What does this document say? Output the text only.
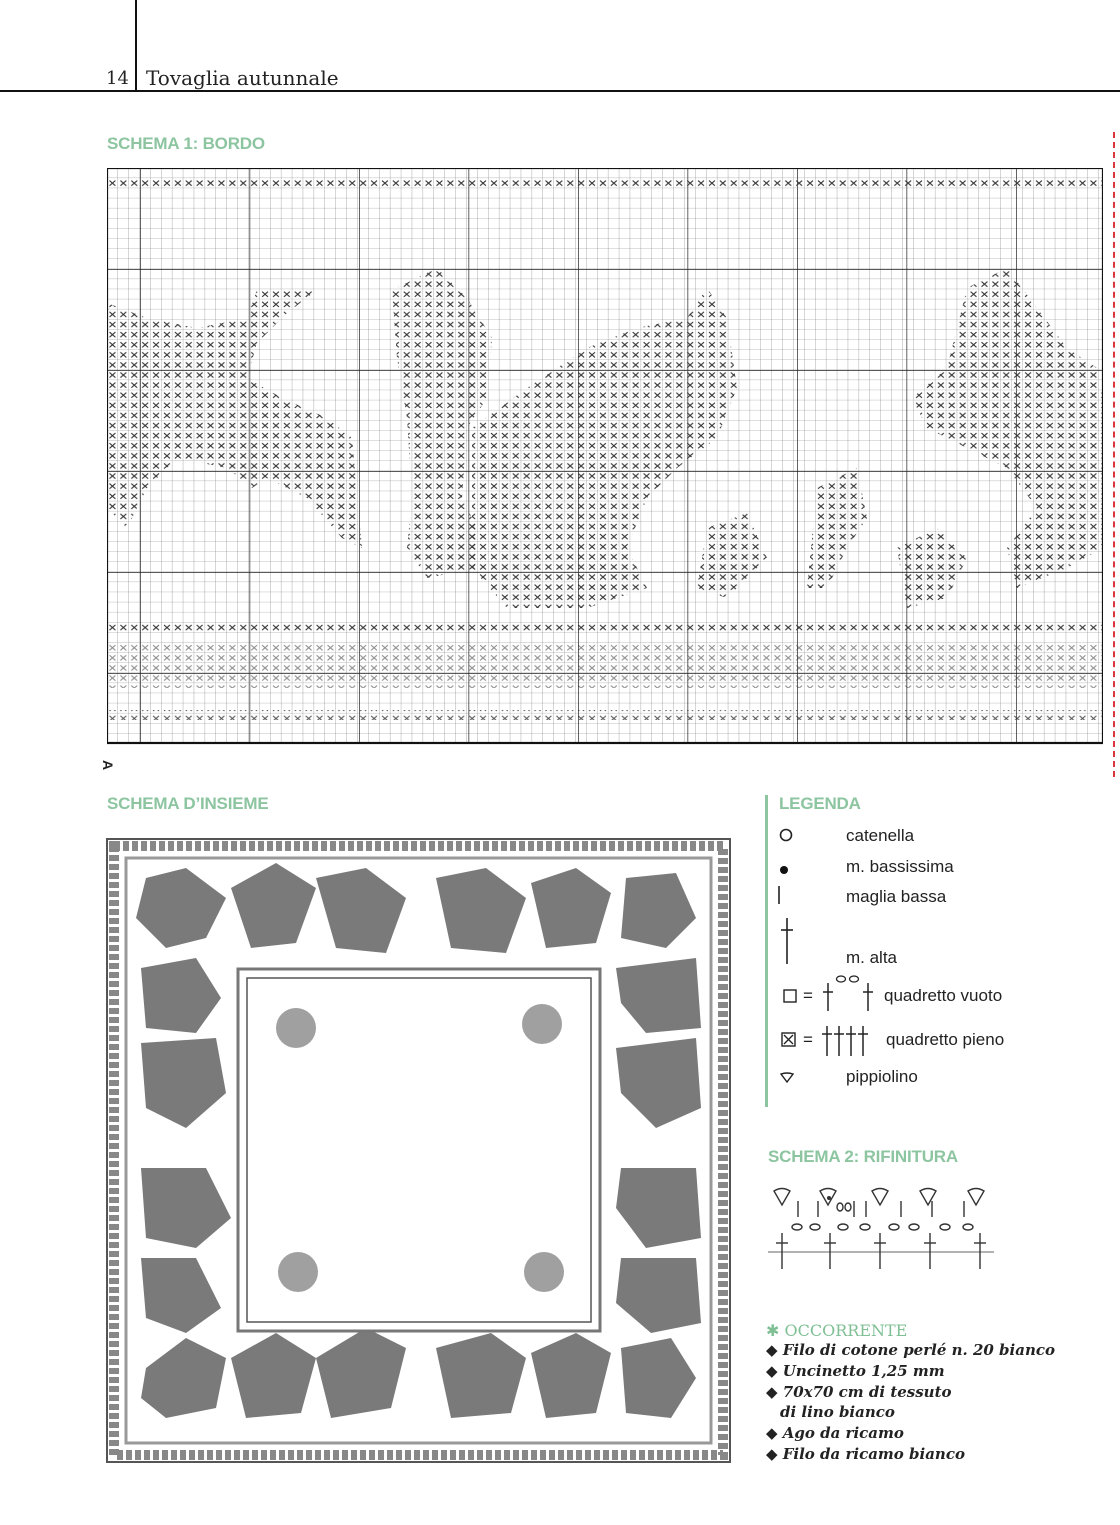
14 Tovaglia autunnale
SCHEMA 1: BORDO
A
SCHEMA D’INSIEME	LEGENDA
catenella
m. bassissima
maglia bassa
m. alta
=	quadretto vuoto
=	quadretto pieno
pippiolino
SCHEMA 2: RIFINITURA
✱ OCCORRENTE
◆ Filo di cotone perlé n. 20 bianco
◆ Uncinetto 1,25 mm
◆ 70x70 cm di tessuto
di lino bianco
◆ Ago da ricamo
◆ Filo da ricamo bianco
